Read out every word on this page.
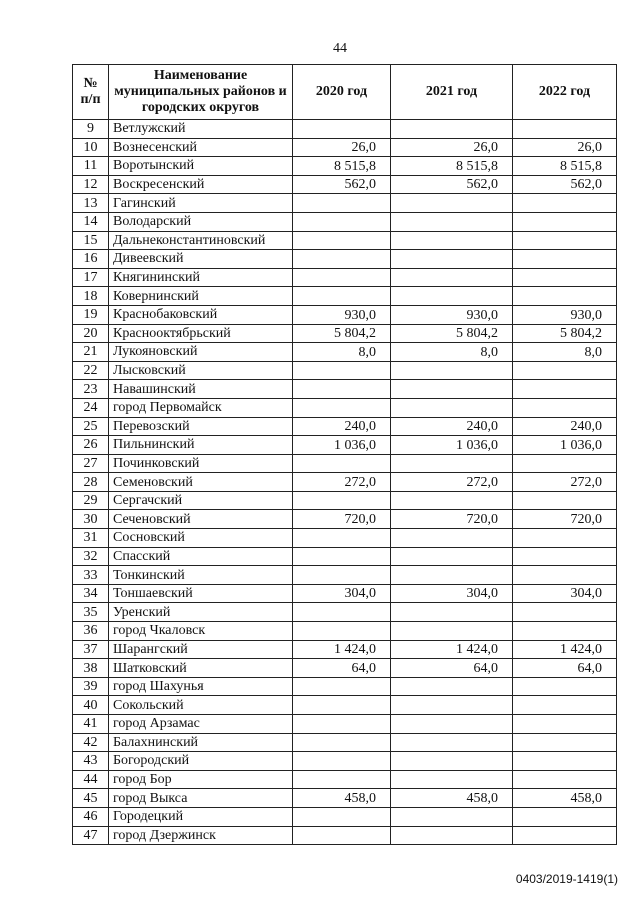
44
№ п/п	Наименование муниципальных районов и городских округов	2020 год	2021 год	2022 год
9	Ветлужский			
10	Вознесенский	26,0	26,0	26,0
11	Воротынский	8 515,8	8 515,8	8 515,8
12	Воскресенский	562,0	562,0	562,0
13	Гагинский			
14	Володарский			
15	Дальнеконстантиновский			
16	Дивеевский			
17	Княгининский			
18	Ковернинский			
19	Краснобаковский	930,0	930,0	930,0
20	Краснооктябрьский	5 804,2	5 804,2	5 804,2
21	Лукояновский	8,0	8,0	8,0
22	Лысковский			
23	Навашинский			
24	город Первомайск			
25	Перевозский	240,0	240,0	240,0
26	Пильнинский	1 036,0	1 036,0	1 036,0
27	Починковский			
28	Семеновский	272,0	272,0	272,0
29	Сергачский			
30	Сеченовский	720,0	720,0	720,0
31	Сосновский			
32	Спасский			
33	Тонкинский			
34	Тоншаевский	304,0	304,0	304,0
35	Уренский			
36	город Чкаловск			
37	Шарангский	1 424,0	1 424,0	1 424,0
38	Шатковский	64,0	64,0	64,0
39	город Шахунья			
40	Сокольский			
41	город Арзамас			
42	Балахнинский			
43	Богородский			
44	город Бор			
45	город Выкса	458,0	458,0	458,0
46	Городецкий			
47	город Дзержинск			
0403/2019-1419(1)
